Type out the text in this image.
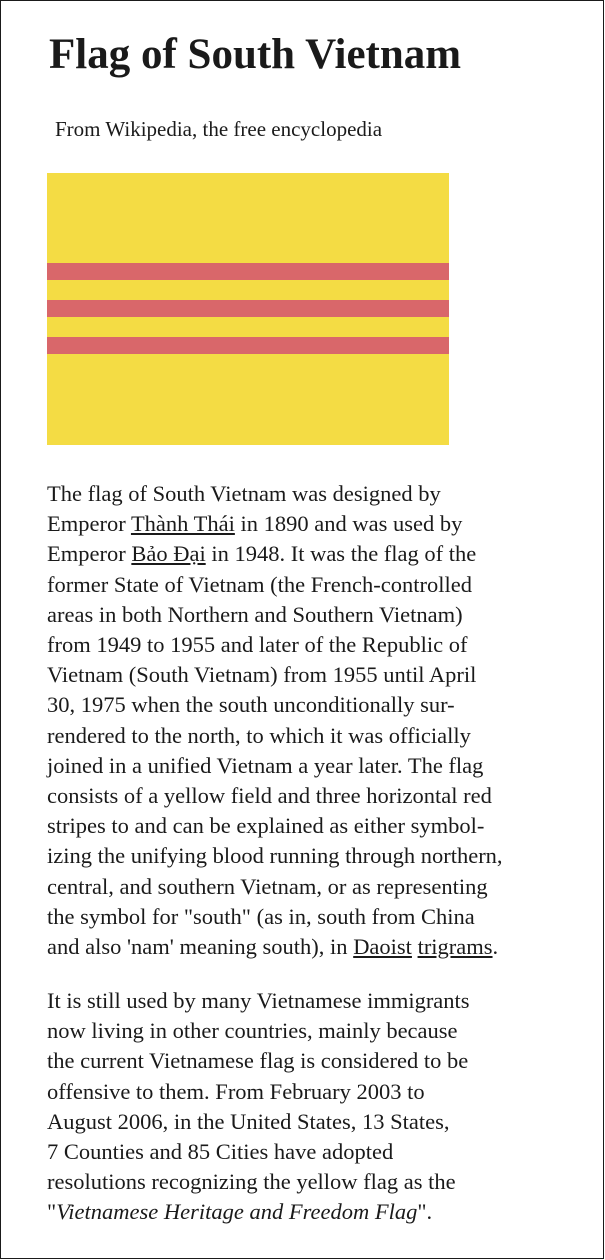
Flag of South Vietnam
From Wikipedia, the free encyclopedia

The flag of South Vietnam was designed by
Emperor Thành Thái in 1890 and was used by
Emperor Bảo Đại in 1948. It was the flag of the
former State of Vietnam (the French-controlled
areas in both Northern and Southern Vietnam)
from 1949 to 1955 and later of the Republic of
Vietnam (South Vietnam) from 1955 until April
30, 1975 when the south unconditionally sur-
rendered to the north, to which it was officially
joined in a unified Vietnam a year later. The flag
consists of a yellow field and three horizontal red
stripes to and can be explained as either symbol-
izing the unifying blood running through northern,
central, and southern Vietnam, or as representing
the symbol for "south" (as in, south from China
and also 'nam' meaning south), in Daoist trigrams.

It is still used by many Vietnamese immigrants
now living in other countries, mainly because
the current Vietnamese flag is considered to be
offensive to them. From February 2003 to
August 2006, in the United States, 13 States,
7 Counties and 85 Cities have adopted
resolutions recognizing the yellow flag as the
"Vietnamese Heritage and Freedom Flag".
